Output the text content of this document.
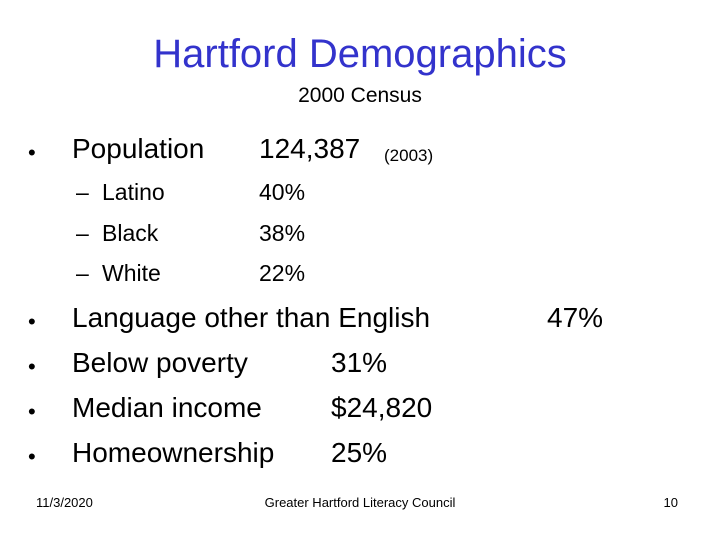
Hartford Demographics
2000 Census
• Population 124,387 (2003)
– Latino	40%
– Black	38%
– White	22%
• Language other than English	47%
• Below poverty	31%
• Median income $24,820
• Homeownership 25%
11/3/2020	Greater Hartford Literacy Council	10
